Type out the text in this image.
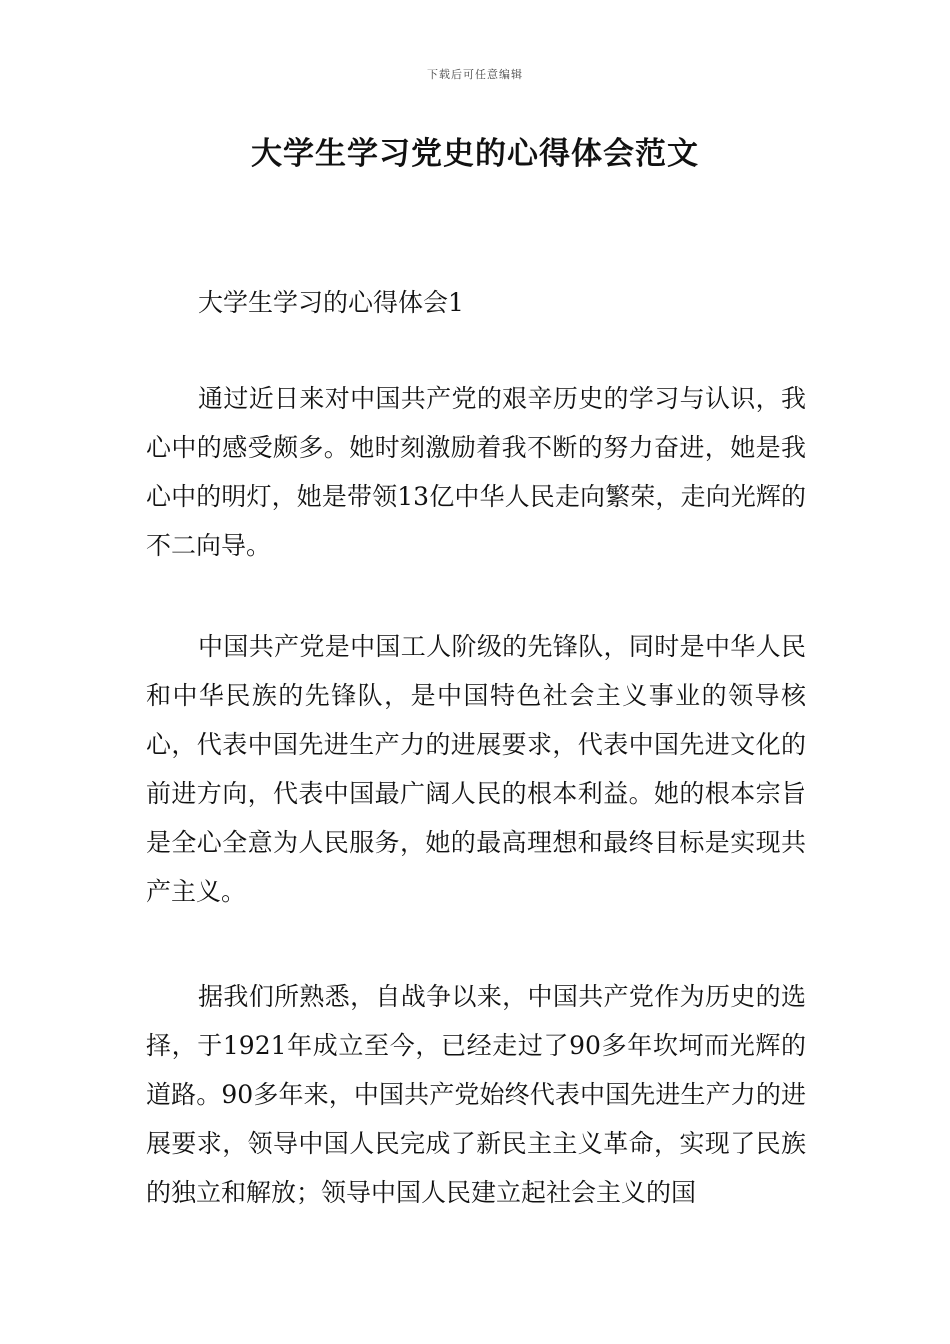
下载后可任意编辑
大学生学习党史的心得体会范文
大学生学习的心得体会1

通过近日来对中国共产党的艰辛历史的学习与认识，我心中的感受颇多。她时刻激励着我不断的努力奋进，她是我心中的明灯，她是带领13亿中华人民走向繁荣，走向光辉的不二向导。

中国共产党是中国工人阶级的先锋队，同时是中华人民和中华民族的先锋队，是中国特色社会主义事业的领导核心，代表中国先进生产力的进展要求，代表中国先进文化的前进方向，代表中国最广阔人民的根本利益。她的根本宗旨是全心全意为人民服务，她的最高理想和最终目标是实现共产主义。

据我们所熟悉，自战争以来，中国共产党作为历史的选择，于1921年成立至今，已经走过了90多年坎坷而光辉的道路。90多年来，中国共产党始终代表中国先进生产力的进展要求，领导中国人民完成了新民主主义革命，实现了民族的独立和解放；领导中国人民建立起社会主义的国
